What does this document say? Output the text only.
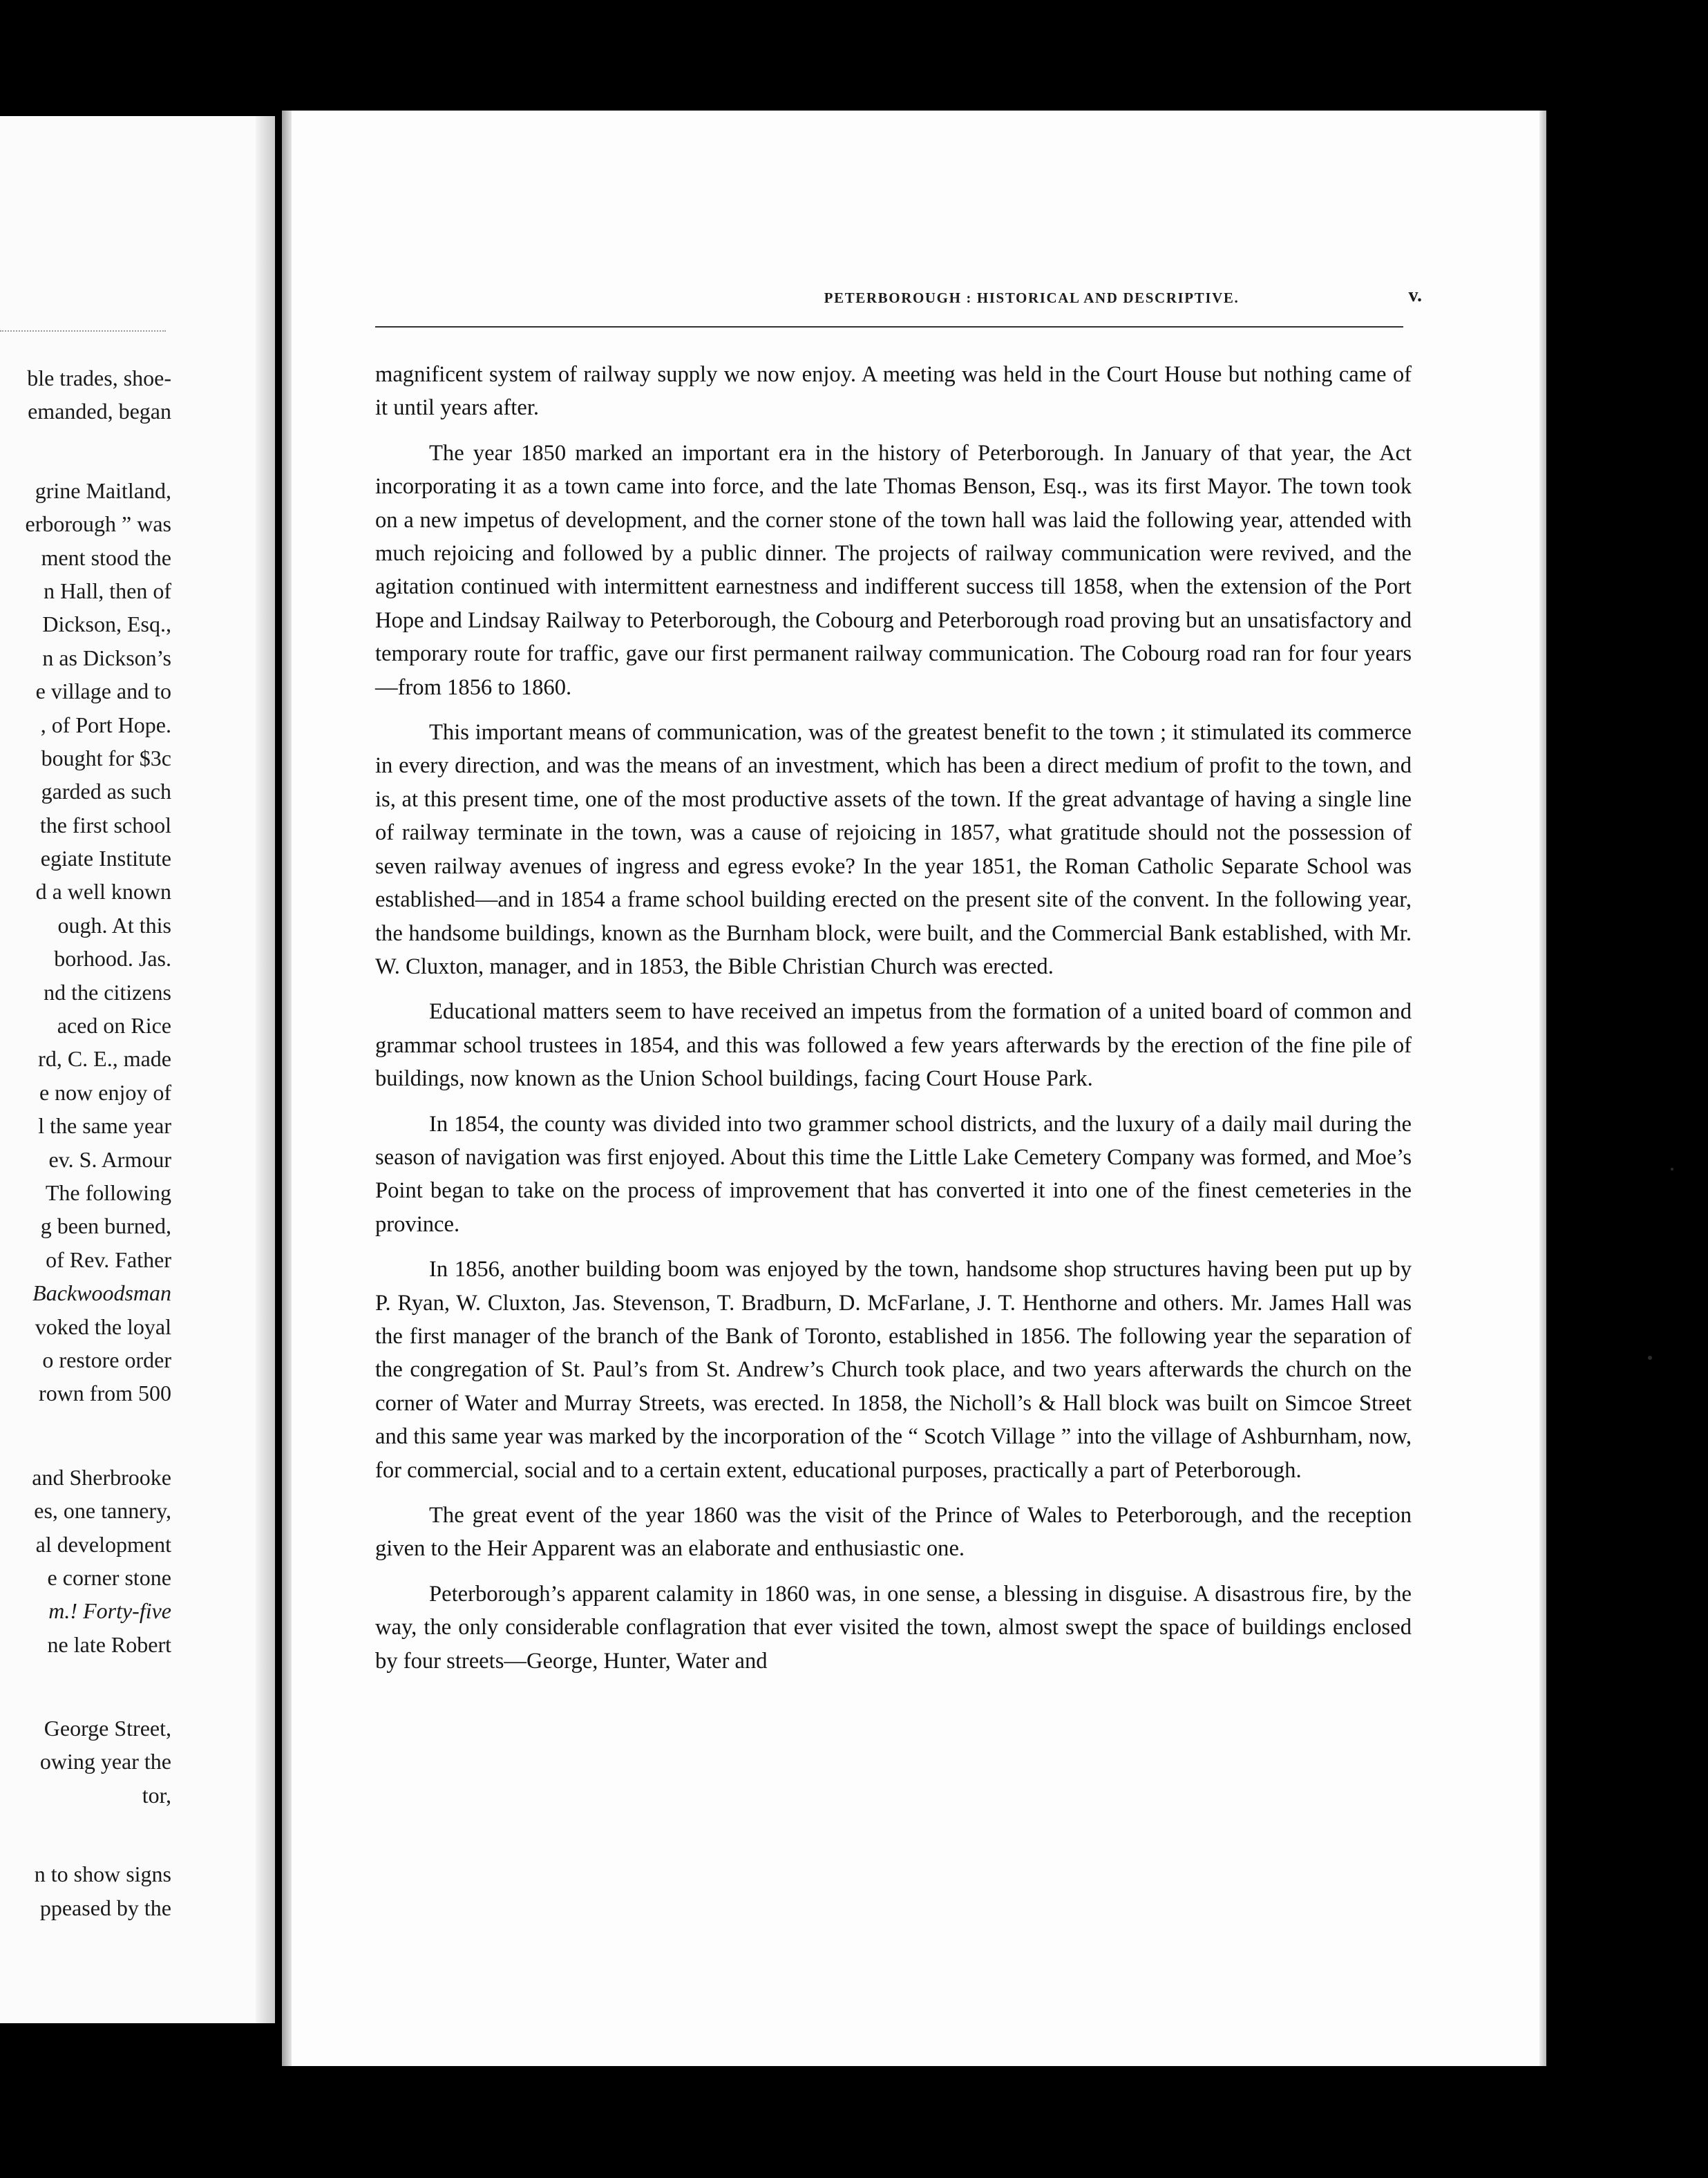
ble trades, shoe-
emanded, began
grine Maitland,
erborough ” was
ment stood the
n Hall, then of
Dickson, Esq.,
n as Dickson’s
e village and to
, of Port Hope.
bought for $3c
garded as such
the first school
egiate Institute
d a well known
ough. At this
borhood. Jas.
nd the citizens
aced on Rice
rd, C. E., made
e now enjoy of
l the same year
ev. S. Armour
The following
g been burned,
of Rev. Father
Backwoodsman
voked the loyal
o restore order
rown from 500
and Sherbrooke
es, one tannery,
al development
e corner stone
m.! Forty-five
ne late Robert
George Street,
owing year the
tor,
n to show signs
ppeased by the
PETERBOROUGH : HISTORICAL AND DESCRIPTIVE.	v.

magnificent system of railway supply we now enjoy. A meeting was held in the Court House but nothing came of it until years after.

The year 1850 marked an important era in the history of Peterborough. In January of that year, the Act incorporating it as a town came into force, and the late Thomas Benson, Esq., was its first Mayor. The town took on a new impetus of development, and the corner stone of the town hall was laid the following year, attended with much rejoicing and followed by a public dinner. The projects of railway communication were revived, and the agitation continued with intermittent earnestness and indifferent success till 1858, when the extension of the Port Hope and Lindsay Railway to Peterborough, the Cobourg and Peterborough road proving but an unsatisfactory and temporary route for traffic, gave our first permanent railway communication. The Cobourg road ran for four years—from 1856 to 1860.

This important means of communication, was of the greatest benefit to the town ; it stimulated its commerce in every direction, and was the means of an investment, which has been a direct medium of profit to the town, and is, at this present time, one of the most productive assets of the town. If the great advantage of having a single line of railway terminate in the town, was a cause of rejoicing in 1857, what gratitude should not the possession of seven railway avenues of ingress and egress evoke? In the year 1851, the Roman Catholic Separate School was established—and in 1854 a frame school building erected on the present site of the convent. In the following year, the handsome buildings, known as the Burnham block, were built, and the Commercial Bank established, with Mr. W. Cluxton, manager, and in 1853, the Bible Christian Church was erected.

Educational matters seem to have received an impetus from the formation of a united board of common and grammar school trustees in 1854, and this was followed a few years afterwards by the erection of the fine pile of buildings, now known as the Union School buildings, facing Court House Park.

In 1854, the county was divided into two grammer school districts, and the luxury of a daily mail during the season of navigation was first enjoyed. About this time the Little Lake Cemetery Company was formed, and Moe’s Point began to take on the process of improvement that has converted it into one of the finest cemeteries in the province.

In 1856, another building boom was enjoyed by the town, handsome shop structures having been put up by P. Ryan, W. Cluxton, Jas. Stevenson, T. Bradburn, D. McFarlane, J. T. Henthorne and others. Mr. James Hall was the first manager of the branch of the Bank of Toronto, established in 1856. The following year the separation of the congregation of St. Paul’s from St. Andrew’s Church took place, and two years afterwards the church on the corner of Water and Murray Streets, was erected. In 1858, the Nicholl’s & Hall block was built on Simcoe Street and this same year was marked by the incorporation of the “ Scotch Village ” into the village of Ashburnham, now, for commercial, social and to a certain extent, educational purposes, practically a part of Peterborough.

The great event of the year 1860 was the visit of the Prince of Wales to Peterborough, and the reception given to the Heir Apparent was an elaborate and enthusiastic one.

Peterborough’s apparent calamity in 1860 was, in one sense, a blessing in disguise. A disastrous fire, by the way, the only considerable conflagration that ever visited the town, almost swept the space of buildings enclosed by four streets—George, Hunter, Water and
